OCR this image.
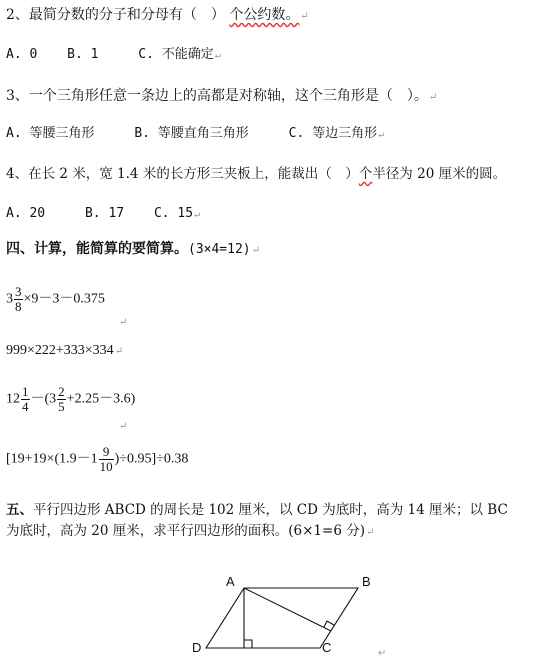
2、最简分数的分子和分母有（　） 个公约数。↵
A. 0 B. 1	C. 不能确定↵
3、一个三角形任意一条边上的高都是对称轴，这个三角形是（　）。↵
A. 等腰三角形	B. 等腰直角三角形	C. 等边三角形↵
4、在长 2 米，宽 1.4 米的长方形三夹板上，能裁出（　）个半径为 20 厘米的圆。
A. 20	B. 17 C. 15↵
四、计算，能简算的要简算。(3×4=12)↵
$3 \frac{3}{8} \times 9-3-0.375$
↵
999×222+333×334↵
$12 \frac{1}{4} -(3 \frac{2}{5} +2.25-3.6)$
↵
$[19+19\times(1.9-1 \frac{9}{10} )\div 0.95]\div 0.38$
五、平行四边形 ABCD 的周长是 102 厘米，以 CD 为底时，高为 14 厘米；以 BC
为底时，高为 20 厘米，求平行四边形的面积。(6×1=6 分)↵
A	B
C
D	↵
